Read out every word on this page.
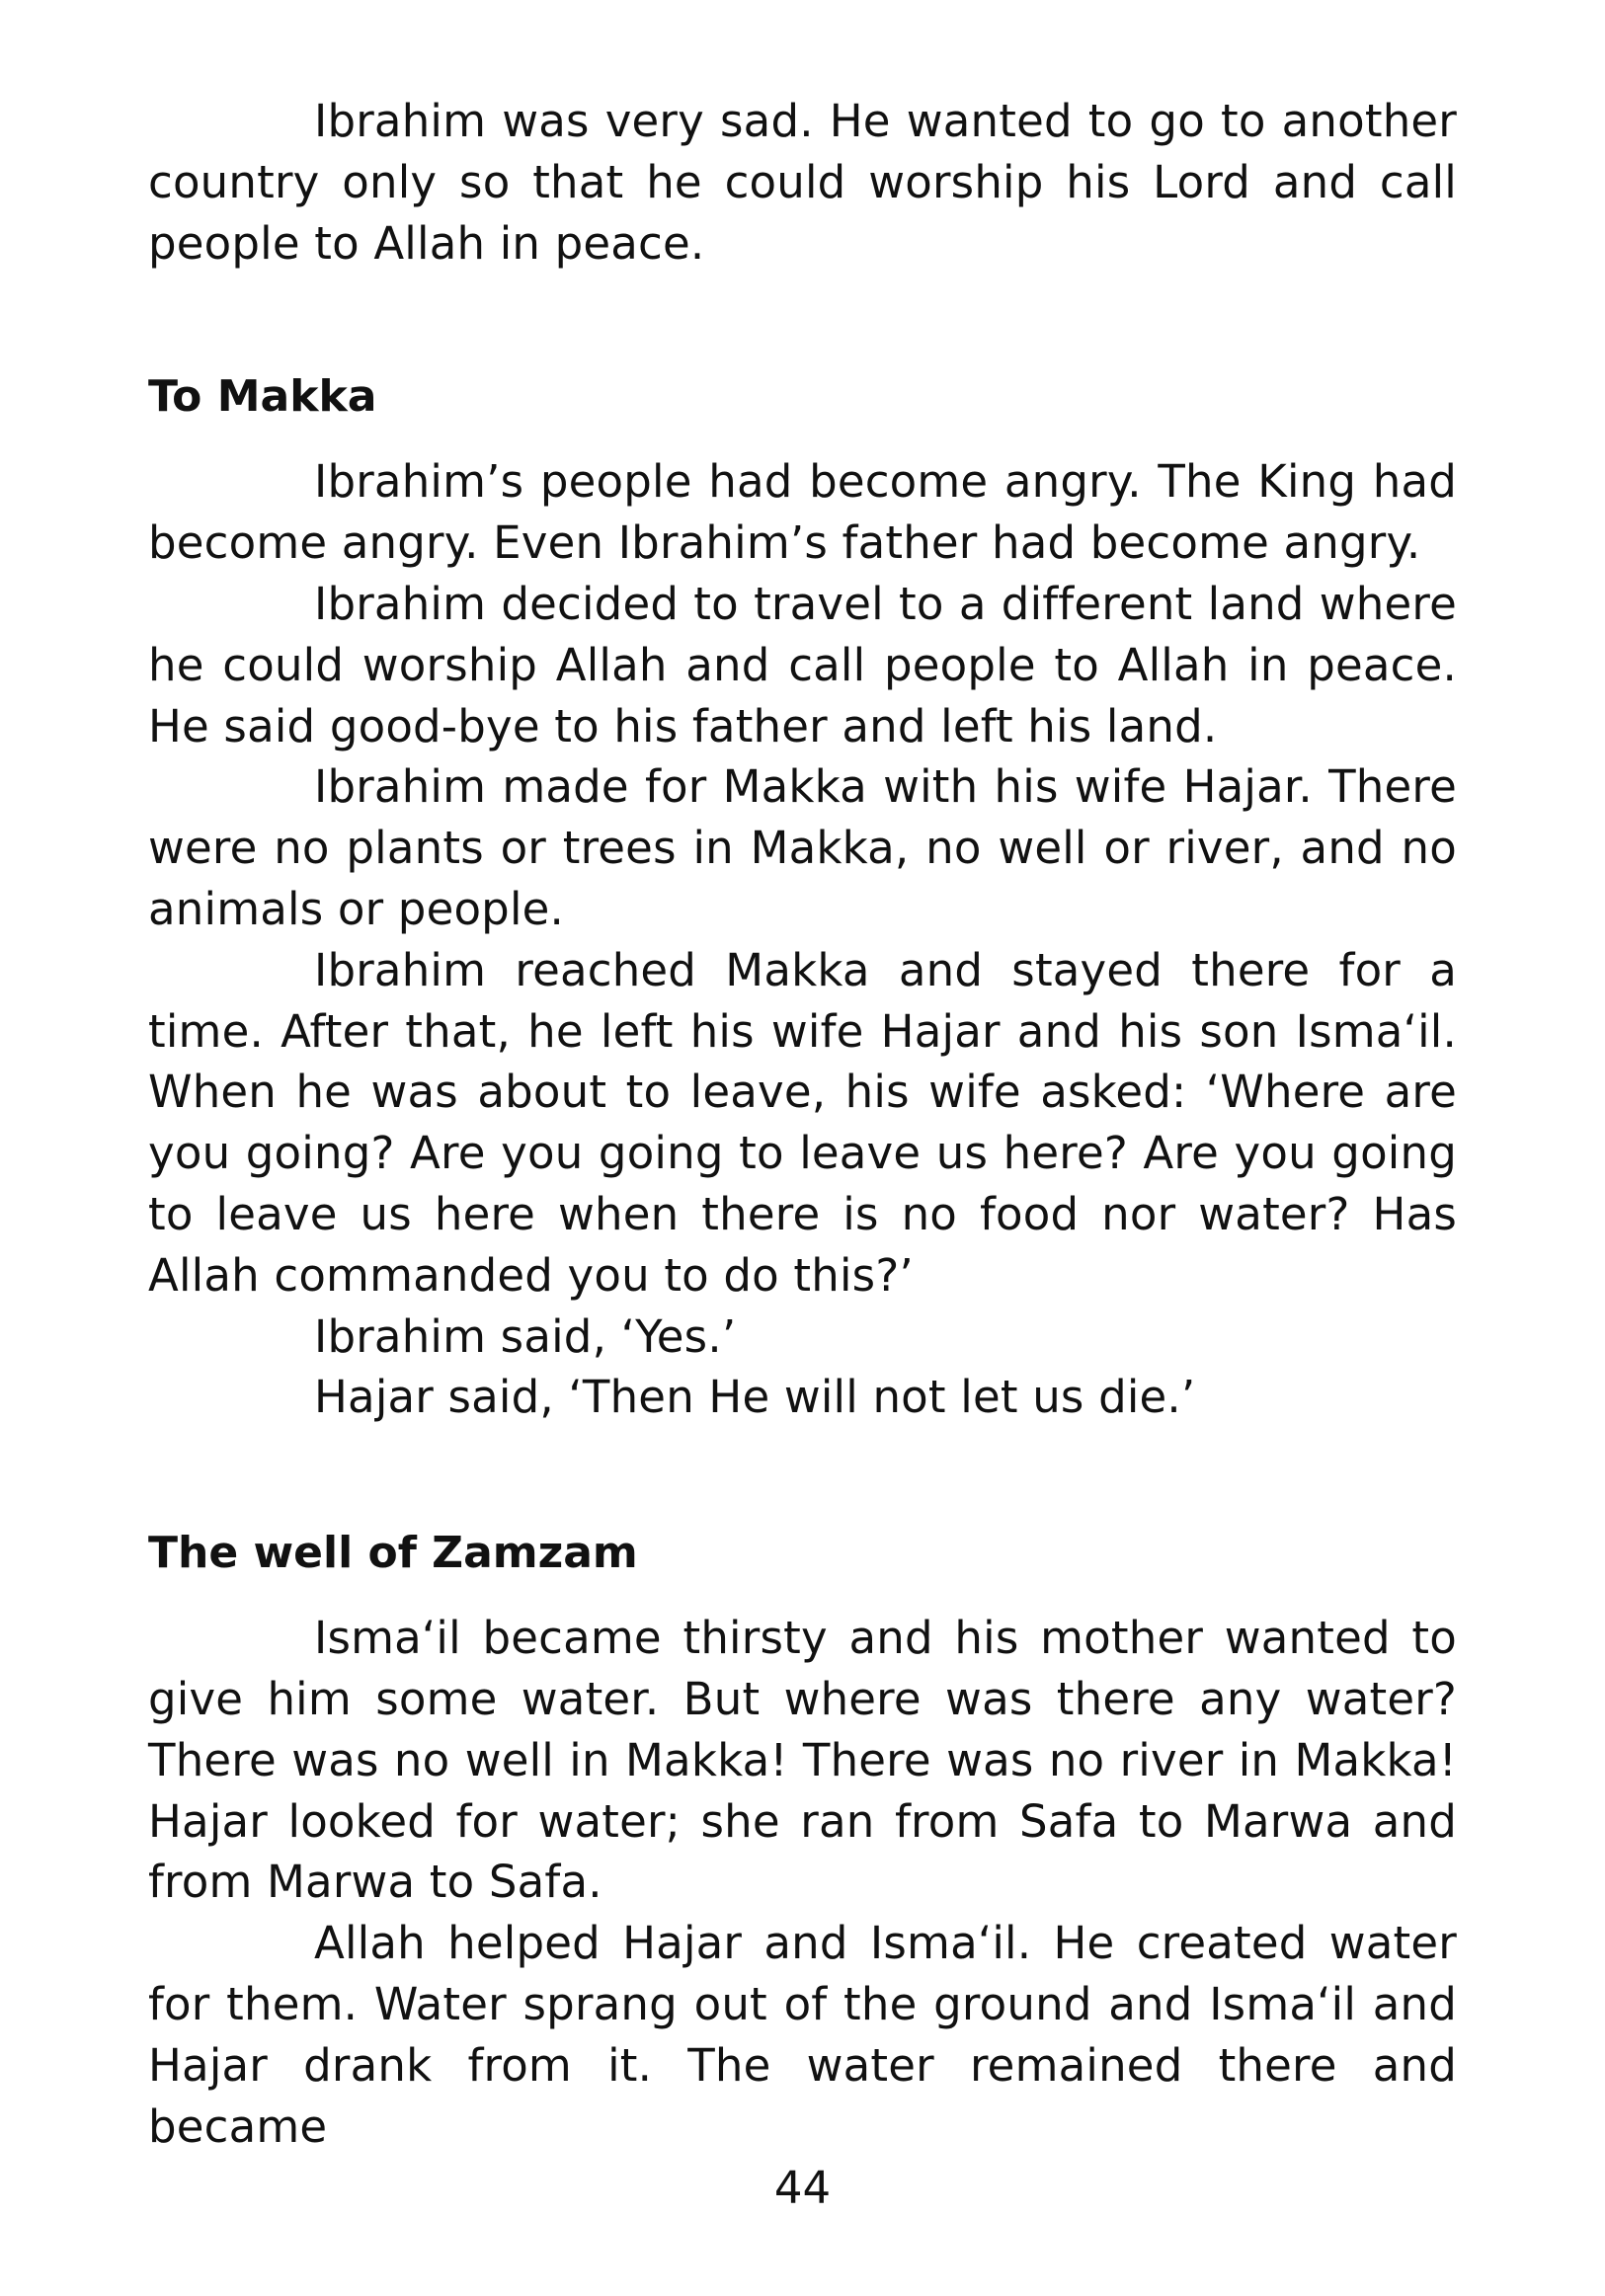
Ibrahim was very sad. He wanted to go to another country only so that he could worship his Lord and call people to Allah in peace.

To Makka

Ibrahim’s people had become angry. The King had become angry. Even Ibrahim’s father had become angry.

Ibrahim decided to travel to a different land where he could worship Allah and call people to Allah in peace. He said good-bye to his father and left his land.

Ibrahim made for Makka with his wife Hajar. There were no plants or trees in Makka, no well or river, and no animals or people.

Ibrahim reached Makka and stayed there for a time. After that, he left his wife Hajar and his son Isma‘il. When he was about to leave, his wife asked: ‘Where are you going? Are you going to leave us here? Are you going to leave us here when there is no food nor water? Has Allah commanded you to do this?’

Ibrahim said, ‘Yes.’

Hajar said, ‘Then He will not let us die.’

The well of Zamzam

Isma‘il became thirsty and his mother wanted to give him some water. But where was there any water? There was no well in Makka! There was no river in Makka! Hajar looked for water; she ran from Safa to Marwa and from Marwa to Safa.

Allah helped Hajar and Isma‘il. He created water for them. Water sprang out of the ground and Isma‘il and Hajar drank from it. The water remained there and became

44
